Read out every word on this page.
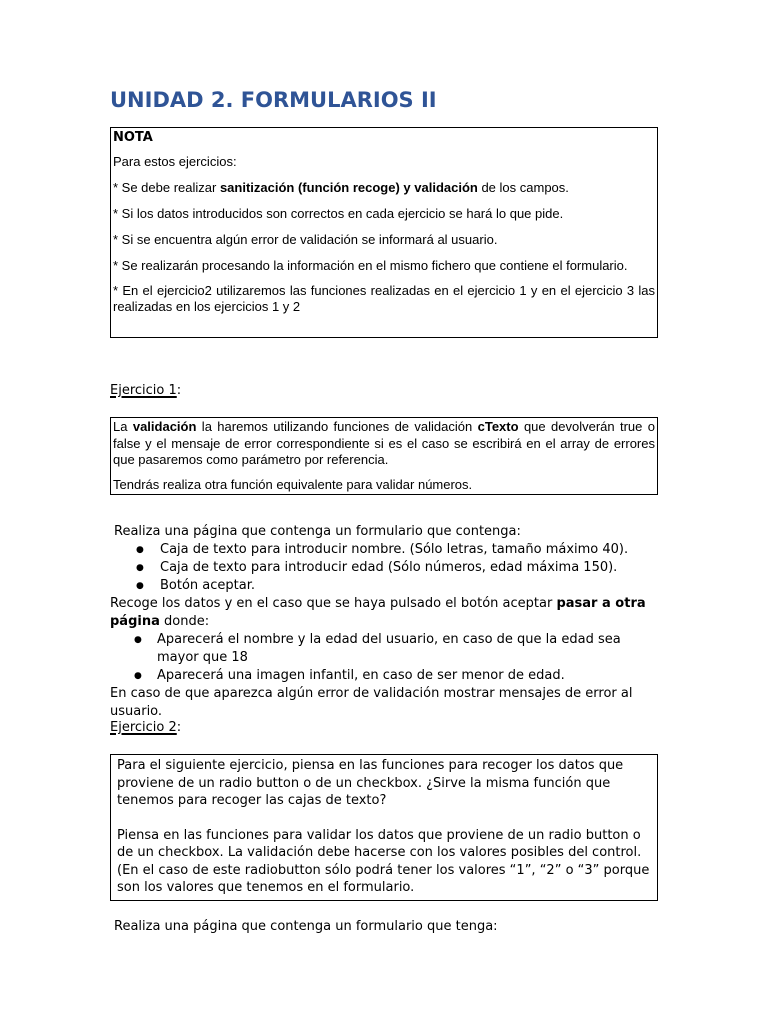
UNIDAD 2. FORMULARIOS II
NOTA

Para estos ejercicios:

* Se debe realizar sanitización (función recoge) y validación de los campos.

* Si los datos introducidos son correctos en cada ejercicio se hará lo que pide.

* Si se encuentra algún error de validación se informará al usuario.

* Se realizarán procesando la información en el mismo fichero que contiene el formulario.

* En el ejercicio2 utilizaremos las funciones realizadas en el ejercicio 1 y en el ejercicio 3 las realizadas en los ejercicios 1 y 2

Ejercicio 1:

La validación la haremos utilizando funciones de validación cTexto que devolverán true o false y el mensaje de error correspondiente si es el caso se escribirá en el array de errores que pasaremos como parámetro por referencia.

Tendrás realiza otra función equivalente para validar números.

Realiza una página que contenga un formulario que contenga:

● Caja de texto para introducir nombre. (Sólo letras, tamaño máximo 40).
● Caja de texto para introducir edad (Sólo números, edad máxima 150).
● Botón aceptar.

Recoge los datos y en el caso que se haya pulsado el botón aceptar pasar a otra página donde:

● Aparecerá el nombre y la edad del usuario, en caso de que la edad sea mayor que 18
● Aparecerá una imagen infantil, en caso de ser menor de edad.

En caso de que aparezca algún error de validación mostrar mensajes de error al usuario.

Ejercicio 2:

Para el siguiente ejercicio, piensa en las funciones para recoger los datos que proviene de un radio button o de un checkbox. ¿Sirve la misma función que tenemos para recoger las cajas de texto?

Piensa en las funciones para validar los datos que proviene de un radio button o de un checkbox. La validación debe hacerse con los valores posibles del control. (En el caso de este radiobutton sólo podrá tener los valores “1”, “2” o “3” porque son los valores que tenemos en el formulario.

Realiza una página que contenga un formulario que tenga:
